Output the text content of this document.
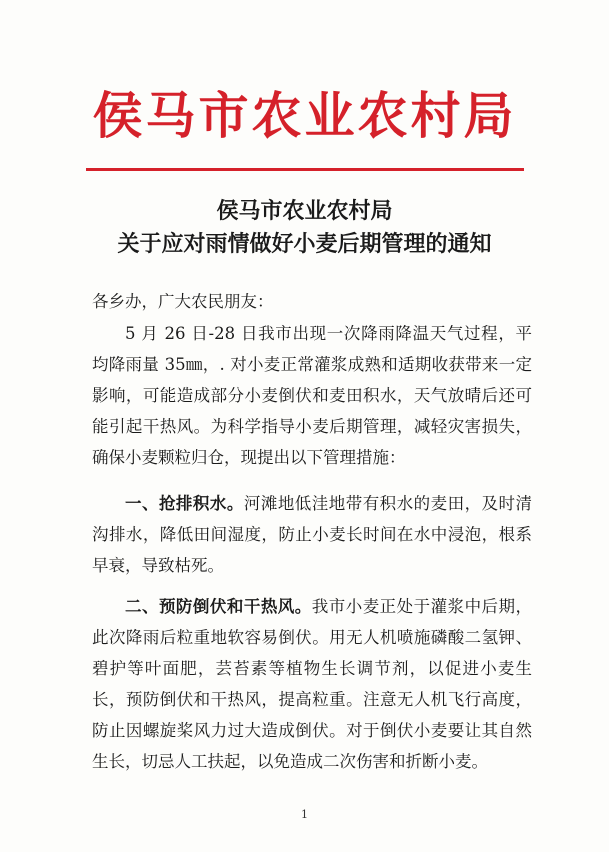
侯马市农业农村局
侯马市农业农村局
关于应对雨情做好小麦后期管理的通知
各乡办，广大农民朋友：
5 月 26 日-28 日我市出现一次降雨降温天气过程，平均降雨量 35㎜，. 对小麦正常灌浆成熟和适期收获带来一定影响，可能造成部分小麦倒伏和麦田积水，天气放晴后还可能引起干热风。为科学指导小麦后期管理，减轻灾害损失，确保小麦颗粒归仓，现提出以下管理措施：
一、抢排积水。河滩地低洼地带有积水的麦田，及时清沟排水，降低田间湿度，防止小麦长时间在水中浸泡，根系早衰，导致枯死。
二、预防倒伏和干热风。我市小麦正处于灌浆中后期，此次降雨后粒重地软容易倒伏。用无人机喷施磷酸二氢钾、碧护等叶面肥，芸苔素等植物生长调节剂，以促进小麦生长，预防倒伏和干热风，提高粒重。注意无人机飞行高度，防止因螺旋桨风力过大造成倒伏。对于倒伏小麦要让其自然生长，切忌人工扶起，以免造成二次伤害和折断小麦。
1
